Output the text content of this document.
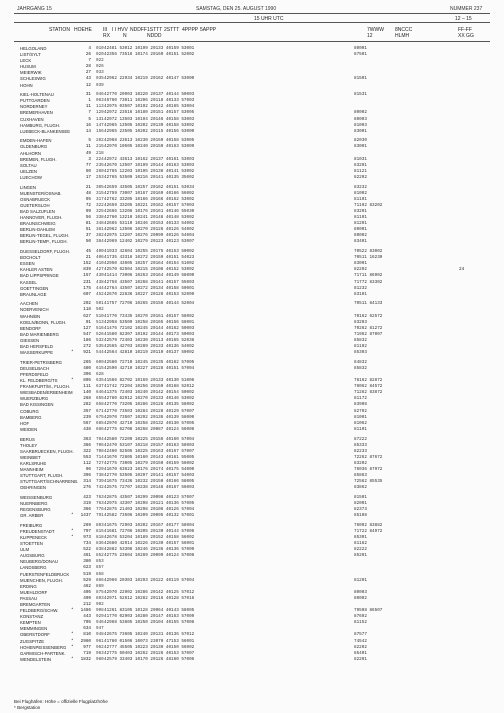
JAHRGANG 15	SAMSTAG, DEN 25. AUGUST 1990	NUMMER 237
15 UHR UTC	12 – 15
STATION HOEHE III
RX
I I HVV
N
NDDFF 1STTT
NDDD
2STTT 4PPPP 5APPP	7WWW
12
8NCCC
HLMH
FF-FF
XX GG
HELGOLAND	4 010 42481 53012 10199 20133 40159 53001	80001
LIST/SYLT	26 020 42356 73516 10174 20160 40151 52002	87501
LECK	7 022
HUSUM	28 026
MEIERWIK	27 033
SCHLESWIG	43 035 42962 22934 10219 20162 40147 53000	81501
HOHN	12 039
KIEL-HOLTENAU	31 046 42770 20903 10220 20137 40144 50003	81531
PUTTGARDEN	1 063 46760 73011 10206 20118 40133 57003
NORDERNEY	11 113 42975 03507 10192 20142 40165 53004
BREMERHAVEN	7 129 42972 23516 10180 20151 40157 53005	80002
CUXHAVEN	5 131 42972 13503 10194 20146 40158 53003	80003
HAMBURG, FLUGH.	16 147 42965 13505 10202 20139 40158 53002	81003
LUEBECK-BLANKENSEE	14 156 42965 23505 10202 20115 40156 53000	83001
EMDEN-HAFEN	5 202 42968 23613 10230 20159 40158 53005	82030
OLDENBURG	11 215 42970 10505 10240 20150 40163 53009	83001
AHLHORN	49 218
BREMEN, FLUGH.	3 224 42972 43513 10162 20137 40161 53003	81031
SOLTAU	77 235 42670 13507 10199 20144 40163 53003	83201
UELZEN	50 260 42765 12203 10195 20136 40141 53002	81121
LUECHOW	17 253 42765 53509 10216 20141 40135 35002	82202
LINGEN	21 305 42659 43505 10257 20162 40151 53034	83232
MUENSTER/OSNAB.	48 315 42759 73007 10167 20169 40166 56002	81002
OSNABRUECK	95 317 42762 33205 10166 20166 40162 53002	81101
GUETERSLOH	72 322 42659 33205 10221 20162 40157 57003	71192 83202
BAD SALZUFLEN	99 325 42666 13206 10176 20161 40146 55030	83201
HANNOVER, FLUGH.	56 338 42760 13210 10241 20148 40148 53002	81101
BRAUNSCHWEIG	81 348 42665 53110 10246 20153 40133 54002	81201
BERLIN-DAHLEM	51 381 42962 13506 10270 20126 40126 54002	80001
BERLIN-TEGEL, FLUGH.	37 382 42975 13207 10276 20099 40126 54004	80002
BERLIN-TEMP., FLUGH.	50 384 42969 12402 10279 20123 40123 53007	83401
DUESSELDORF, FLUGH.	45 400 41933 42604 10255 20175 40153 50002	70522 83002
BOCHOLT	21 406 41735 43316 10272 20159 40151 54023	70511 16230
ESSEN	152 410 42950 43605 10257 20164 40154 51002	83001
KAHLER ASTEN	839 427 42570 62504 10215 20108 40152 53002	82202	24
BAD LIPPSPRINGE	157 430 41414 73006 10263 20164 40149 58000	71711 86902
KASSEL	231 438 42758 43507 10268 20141 40157 55003	71772 83302
GOETTINGEN	175 444 42764 43507 10272 20134 40158 50001	81232
BRAUNLAGE	607 452 42670 22836 10227 20126 40153 52009	83101
AACHEN	202 501 41757 72706 10265 20156 40144 52004	70511 84133
NOERVENICH	118 502
WAHN/BN	627 510 41770 73435 10270 20161 40157 58002	70162 62572
KOELN/BONN, FLUGH.	91 513 42958 53509 10258 20165 40156 58001	83203
BENDORF	127 516 41476 72102 10245 20144 40162 50003	70262 81272
BAD MARIENBERG	547 526 41580 82307 10192 20144 40173 50003	71962 87007
GIESSEN	186 532 42579 72403 10230 20113 40165 52038	85832
BAD HERSFELD	272 535 42565 42703 10289 20133 40136 54002	81102
WASSERKUPPE	*	921 544 42564 42810 10219 20110 40137 50002	85303
TRIER-PETRISBERG	265 609 42580 72710 10245 20135 40162 57005	84832
DEUSELBACH	480 615 42590 42710 10227 20128 40151 57004	85832
PFERDSFELD	396 628
KL. FELDBERG/TS	*	805 635 41566 82702 10169 20133 40130 51006	78162 82872
FRANKFURT/M., FLUGH.	111 637 41742 72204 10256 20159 40168 52012	78062 84572
WIESBADEN/ERBENHEIM	140 646 41375 72403 10240 20142 40154 50002	71262 83872
WUERZBURG	268 655 42780 62912 10270 20133 40146 53002	81172
BAD KISSINGEN	282 658 42770 73205 10286 20128 40135 58002	83908
COBURG	357 671 42770 73503 10284 20128 40129 57007	82702
BAMBERG	239 675 42970 73507 10292 20136 40139 58000	81001
HOF	567 685 42970 42710 10258 20132 40130 57005	81062
WEIDEN	438 686 42775 62708 10268 20087 40124 56008	81101
BERUS	363 704 42580 72209 10225 20156 40160 57004	87222
THOLEY	386 706 42470 53107 10218 20157 40163 58003	85333
SAARBRUECKEN, FLUGH.	322 708 42460 52505 10225 20163 40167 57007	82233
WEINBIET	553 714 41670 72805 10160 20143 40161 55005	72262 87672
KARLSRUHE	112 727 42775 73005 10279 20150 40159 56002	83202
MANNHEIM	96 729 41670 63623 10176 20174 40175 54000	76036 87972
STUTTGART, FLUGH.	396 738 42770 53505 10297 20141 40157 54003	85863
STUTTGART/SCHNARRENB.	314 739 41675 73436 10232 20150 40166 58005	72562 85535
OEHRINGEN	276 742 42575 72707 10238 20148 40167 56003	83862
WEISSENBURG	423 763 42875 43507 10299 20098 40123 57007	81501
NUERNBERG	319 763 42975 43307 10298 20121 40136 57005	82001
REGENSBURG	366 776 42875 21403 10298 20106 40126 57004	82373
GR. ARBER	*	1437 791 42582 73506 10209 20095 40132 57001	85108
FREIBURG	269 803 41675 72903 10202 20167 40177 58004	76092 83882
FREUDENSTADT	*	797 815 41681 72706 10205 20130 40144 57006	71722 84972
KLIPPENECK	*	973 818 42678 53204 10189 20152 40158 56002	85301
STOETTEN	734 836 42680 42914 10226 20130 40157 56001	81162
ULM	522 838 42882 53308 10246 20136 40136 57009	82222
AUGSBURG	461 852 42775 23604 10289 20099 40124 57008	85201
NEUBERG/DONAU	380 853
LANDSBERG	623 857
FUERSTENFELDBRUCK	519 858
MUENCHEN, FLUGH.	529 866 42966 20303 10293 20122 40119 57004	81201
ERDING	462 869
MUEHLDORF	405 875 42970 22902 10286 20142 40125 57012	80003
PASSAU	409 893 42971 52612 10282 20116 40128 57016	80002
BREMGARTEN	212 902
FELDBERG/SCHW.	*	1486 908 41261 83105 10128 20064 40143 58005	79598 86507
KONSTANZ	443 929 41770 02903 10280 20147 40163 57009	87692
KEMPTEN	705 946 42968 53805 10250 20104 40155 57008	81152
MEMMINGEN	634 947
OBERSTDORF	*	810 948 42675 73605 10240 20131 40136 57012	87577
ZUGSPITZE	*	2960 961 41780 01506 10073 23070 47153 56001	74542
HOHENPEISSENBERG *	977 962 42777 45505 10223 20130 40150 56002	82202
GARMISCH-PARTENK.	719 963 42775 60403 10262 20126 40153 57007	85401
WENDELSTEIN	*	1832 980 42579 33403 10170 20126 48160 57006	82201
Bei Flughäfen: Höhe = offizielle Flugplatzhöhe
* Bergstation
